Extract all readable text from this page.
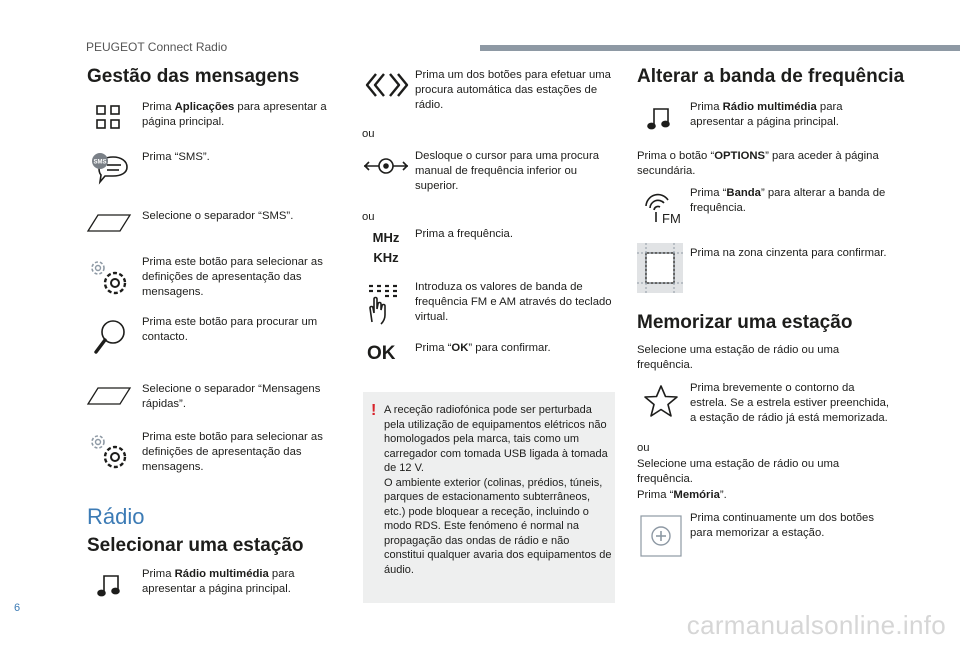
PEUGEOT Connect Radio
Gestão das mensagens
Prima Aplicações para apresentar a página principal.
SMS	Prima “SMS”.
Selecione o separador “SMS”.
Prima este botão para selecionar as definições de apresentação das mensagens.
Prima este botão para procurar um contacto.
Selecione o separador “Mensagens rápidas”.
Prima este botão para selecionar as definições de apresentação das mensagens.
Rádio
Selecionar uma estação
Prima Rádio multimédia para apresentar a página principal.
Prima um dos botões para efetuar uma procura automática das estações de rádio.
ou
Desloque o cursor para uma procura manual de frequência inferior ou superior.
ou
MHz
KHz
Prima a frequência.
Introduza os valores de banda de frequência FM e AM através do teclado virtual.
OK Prima “OK” para confirmar.
! A receção radiofónica pode ser perturbada pela utilização de equipamentos elétricos não homologados pela marca, tais como um carregador com tomada USB ligada à tomada de 12 V.
O ambiente exterior (colinas, prédios, túneis, parques de estacionamento subterrâneos, etc.) pode bloquear a receção, incluindo o modo RDS. Este fenómeno é normal na propagação das ondas de rádio e não constitui qualquer avaria dos equipamentos de áudio.
Alterar a banda de frequência
Prima Rádio multimédia para apresentar a página principal.
Prima o botão “OPTIONS” para aceder à página secundária.
FM
Prima “Banda” para alterar a banda de frequência.
Prima na zona cinzenta para confirmar.
Memorizar uma estação
Selecione uma estação de rádio ou uma frequência.
Prima brevemente o contorno da estrela. Se a estrela estiver preenchida, a estação de rádio já está memorizada.
ou
Selecione uma estação de rádio ou uma frequência.
Prima “Memória”.
Prima continuamente um dos botões para memorizar a estação.
6
carmanualsonline.info
